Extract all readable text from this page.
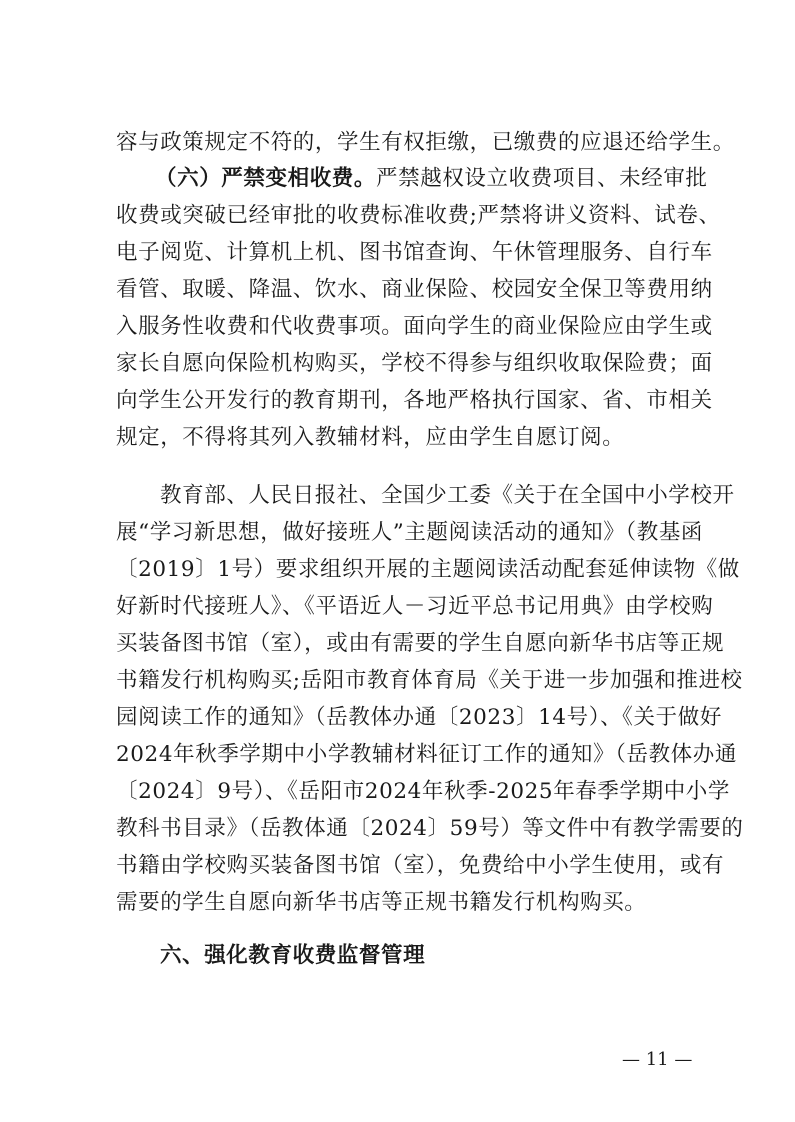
容与政策规定不符的，学生有权拒缴，已缴费的应退还给学生。
（六）严禁变相收费。严禁越权设立收费项目、未经审批
收费或突破已经审批的收费标准收费;严禁将讲义资料、试卷、
电子阅览、计算机上机、图书馆查询、午休管理服务、自行车
看管、取暖、降温、饮水、商业保险、校园安全保卫等费用纳
入服务性收费和代收费事项。面向学生的商业保险应由学生或
家长自愿向保险机构购买，学校不得参与组织收取保险费；面
向学生公开发行的教育期刊，各地严格执行国家、省、市相关
规定，不得将其列入教辅材料，应由学生自愿订阅。
教育部、人民日报社、全国少工委《关于在全国中小学校开
展“学习新思想，做好接班人”主题阅读活动的通知》（教基函
〔2019〕1号）要求组织开展的主题阅读活动配套延伸读物《做
好新时代接班人》、《平语近人－习近平总书记用典》由学校购
买装备图书馆（室），或由有需要的学生自愿向新华书店等正规
书籍发行机构购买;岳阳市教育体育局《关于进一步加强和推进校
园阅读工作的通知》（岳教体办通〔2023〕14号）、《关于做好
2024年秋季学期中小学教辅材料征订工作的通知》（岳教体办通
〔2024〕9号）、《岳阳市2024年秋季-2025年春季学期中小学
教科书目录》（岳教体通〔2024〕59号）等文件中有教学需要的
书籍由学校购买装备图书馆（室），免费给中小学生使用，或有
需要的学生自愿向新华书店等正规书籍发行机构购买。
六、强化教育收费监督管理
— 11 —
